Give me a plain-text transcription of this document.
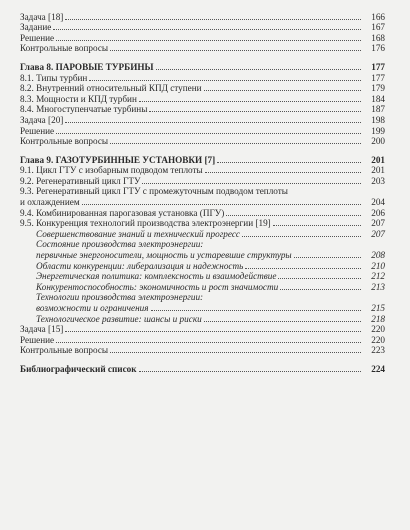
Задача [18]	166
Задание	167
Решение	168
Контрольные вопросы	176
Глава 8. ПАРОВЫЕ ТУРБИНЫ	177
8.1. Типы турбин	177
8.2. Внутренний относительный КПД ступени	179
8.3. Мощности и КПД турбин	184
8.4. Многоступенчатые турбины	187
Задача [20]	198
Решение	199
Контрольные вопросы	200
Глава 9. ГАЗОТУРБИННЫЕ УСТАНОВКИ [7]	201
9.1. Цикл ГТУ с изобарным подводом теплоты	201
9.2. Регенеративный цикл ГТУ	203
9.3. Регенеративный цикл ГТУ с промежуточным подводом теплоты
и охлаждением	204
9.4. Комбинированная парогазовая установка (ПГУ)	206
9.5. Конкуренция технологий производства электроэнергии [19]	207
Совершенствование знаний и технический прогресс	207
Состояние производства электроэнергии:
первичные энергоносители, мощность и устаревшие структуры	208
Области конкуренции: либерализация и надежность	210
Энергетическая политика: комплексность и взаимодействие	212
Конкурентоспособность: экономичность и рост значимости	213
Технологии производства электроэнергии:
возможности и ограничения	215
Технологическое развитие: шансы и риски	218
Задача [15]	220
Решение	220
Контрольные вопросы	223
Библиографический список	224
